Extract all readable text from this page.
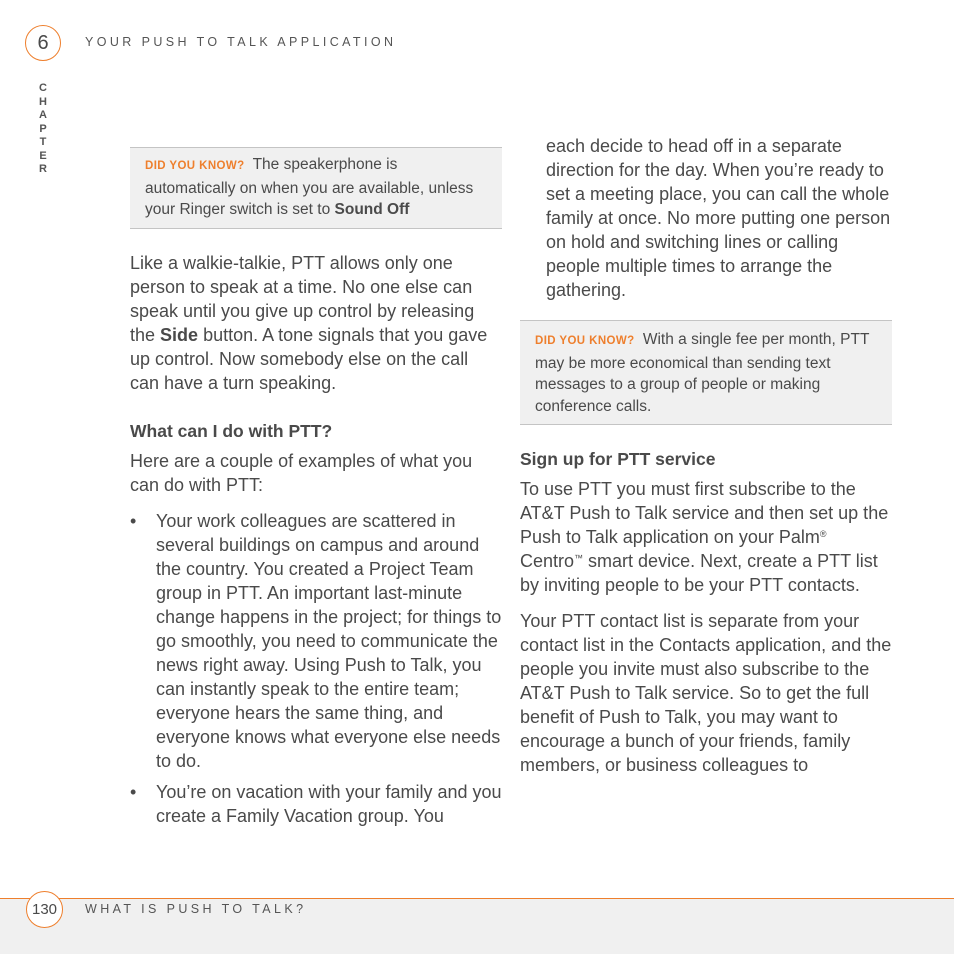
6	YOUR PUSH TO TALK APPLICATION
C
H
A
P
T
E
R	DID YOU KNOW? The speakerphone is automatically on when you are available, unless your Ringer switch is set to Sound Off

Like a walkie-talkie, PTT allows only one person to speak at a time. No one else can speak until you give up control by releasing the Side button. A tone signals that you gave up control. Now somebody else on the call can have a turn speaking.

What can I do with PTT?

Here are a couple of examples of what you can do with PTT:

• Your work colleagues are scattered in several buildings on campus and around the country. You created a Project Team group in PTT. An important last-minute change happens in the project; for things to go smoothly, you need to communicate the news right away. Using Push to Talk, you can instantly speak to the entire team; everyone hears the same thing, and everyone knows what everyone else needs to do.
• You’re on vacation with your family and you create a Family Vacation group. You

each decide to head off in a separate direction for the day. When you’re ready to set a meeting place, you can call the whole family at once. No more putting one person on hold and switching lines or calling people multiple times to arrange the gathering.

DID YOU KNOW? With a single fee per month, PTT may be more economical than sending text messages to a group of people or making conference calls.
Sign up for PTT service

To use PTT you must first subscribe to the AT&T Push to Talk service and then set up the Push to Talk application on your Palm® Centro™ smart device. Next, create a PTT list by inviting people to be your PTT contacts.

Your PTT contact list is separate from your contact list in the Contacts application, and the people you invite must also subscribe to the AT&T Push to Talk service. So to get the full benefit of Push to Talk, you may want to encourage a bunch of your friends, family members, or business colleagues to

130 WHAT IS PUSH TO TALK?
